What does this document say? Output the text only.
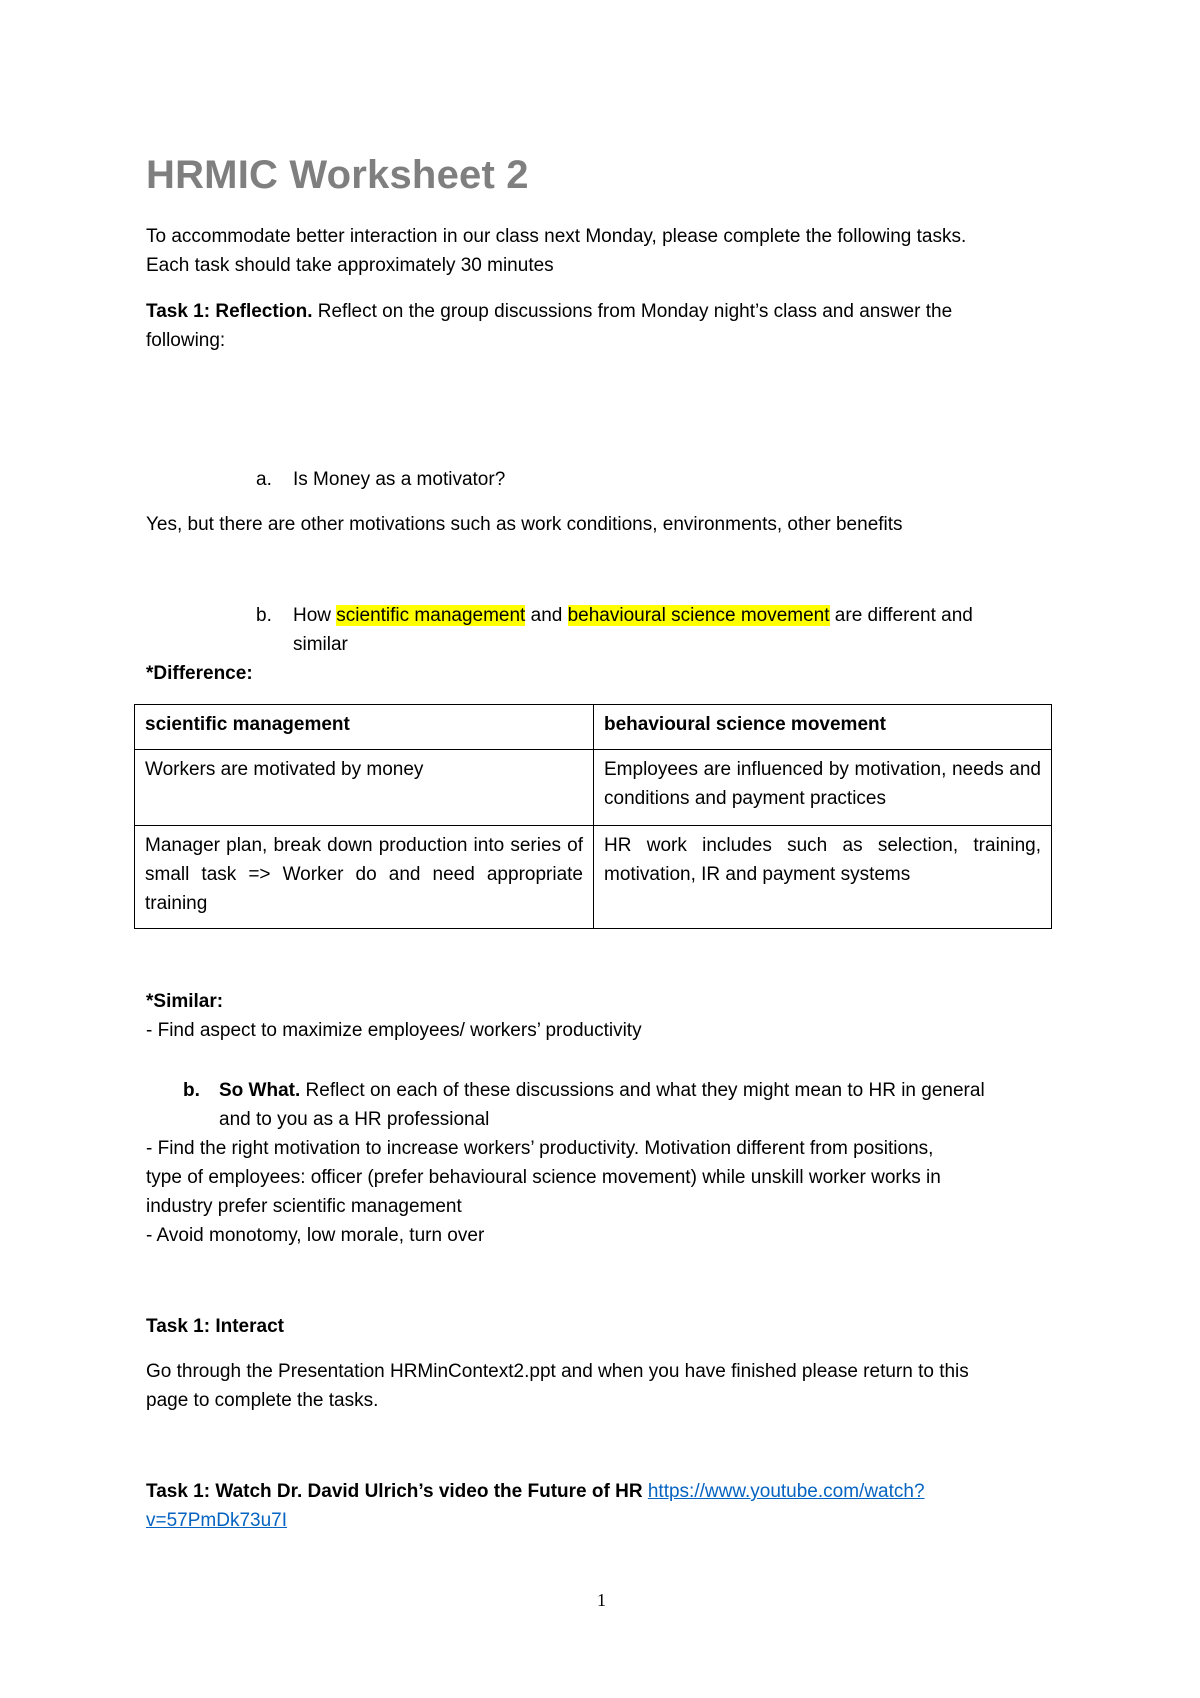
HRMIC Worksheet 2
To accommodate better interaction in our class next Monday, please complete the following tasks.
Each task should take approximately 30 minutes
Task 1: Reflection. Reflect on the group discussions from Monday night’s class and answer the
following:
a. Is Money as a motivator?
Yes, but there are other motivations such as work conditions, environments, other benefits
b. How scientific management and behavioural science movement are different and
similar
*Difference:
scientific management	behavioural science movement
Workers are motivated by money	Employees are influenced by motivation, needs and conditions and payment practices
Manager plan, break down production into series of small task => Worker do and need appropriate training	HR work includes such as selection, training, motivation, IR and payment systems
*Similar:
- Find aspect to maximize employees/ workers’ productivity
b. So What. Reflect on each of these discussions and what they might mean to HR in general
and to you as a HR professional
- Find the right motivation to increase workers’ productivity. Motivation different from positions,
type of employees: officer (prefer behavioural science movement) while unskill worker works in
industry prefer scientific management
- Avoid monotomy, low morale, turn over
Task 1: Interact
Go through the Presentation HRMinContext2.ppt and when you have finished please return to this
page to complete the tasks.
Task 1: Watch Dr. David Ulrich’s video the Future of HR https://www.youtube.com/watch?
v=57PmDk73u7I
1
